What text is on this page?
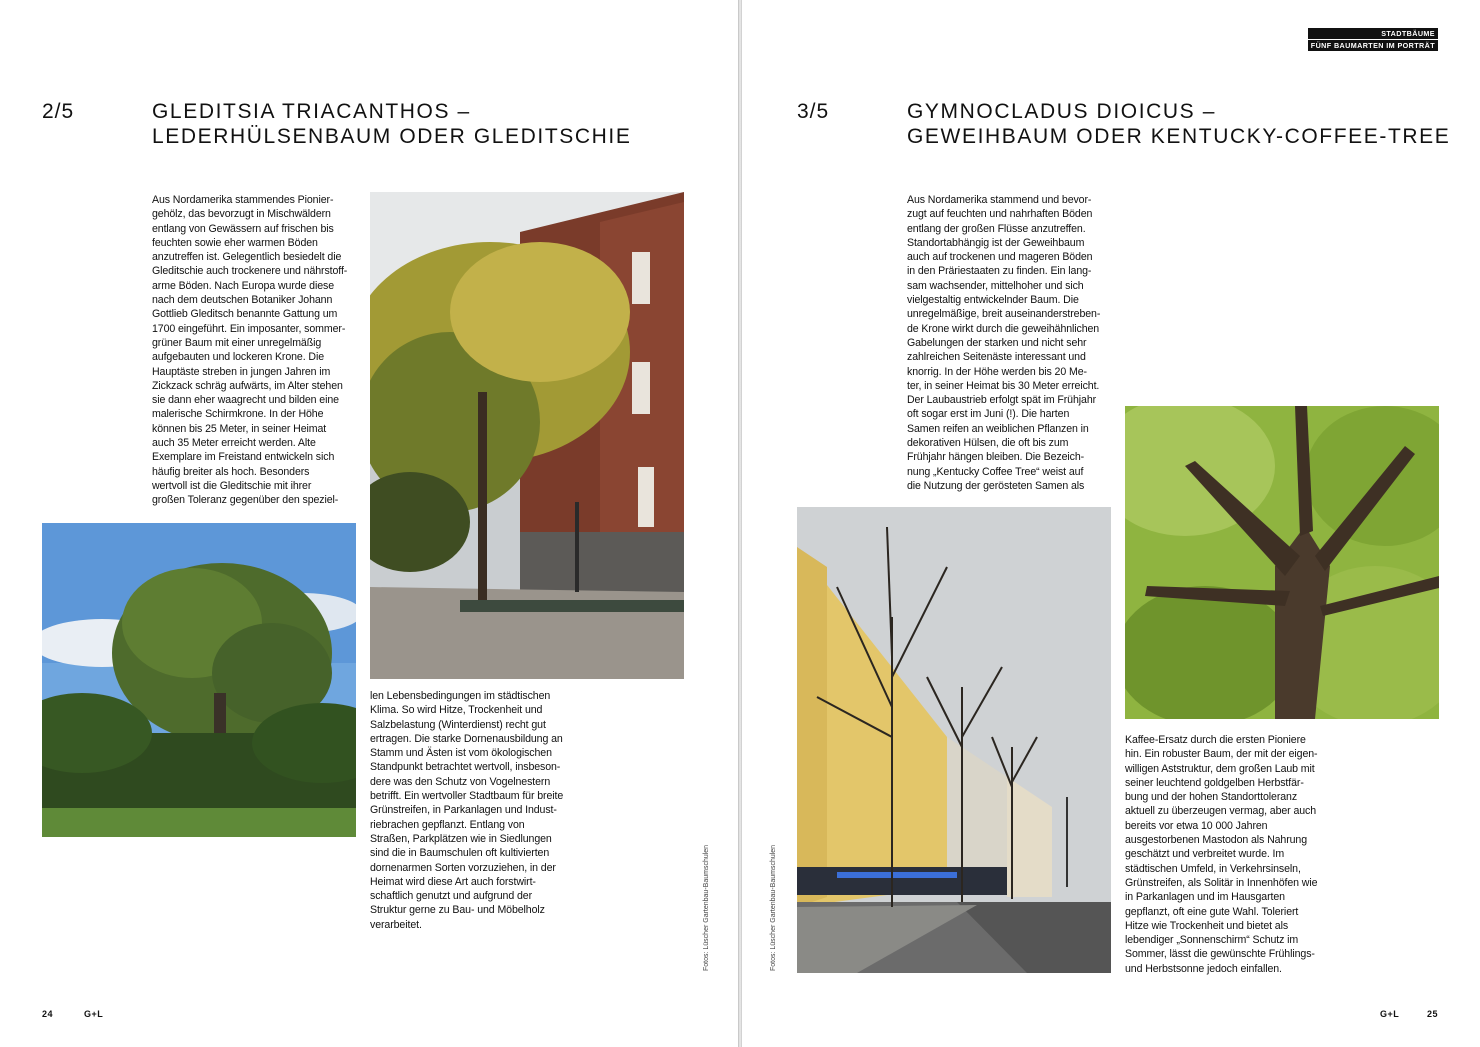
2/5	GLEDITSIA TRIACANTHOS –
LEDERHÜLSENBAUM ODER GLEDITSCHIE
Aus Nordamerika stammendes Pionier-
gehölz, das bevorzugt in Mischwäldern
entlang von Gewässern auf frischen bis
feuchten sowie eher warmen Böden
anzutreffen ist. Gelegentlich besiedelt die
Gleditschie auch trockenere und nährstoff-
arme Böden. Nach Europa wurde diese
nach dem deutschen Botaniker Johann
Gottlieb Gleditsch benannte Gattung um
1700 eingeführt. Ein imposanter, sommer-
grüner Baum mit einer unregelmäßig
aufgebauten und lockeren Krone. Die
Hauptäste streben in jungen Jahren im
Zickzack schräg aufwärts, im Alter stehen
sie dann eher waagrecht und bilden eine
malerische Schirmkrone. In der Höhe
können bis 25 Meter, in seiner Heimat
auch 35 Meter erreicht werden. Alte
Exemplare im Freistand entwickeln sich
häufig breiter als hoch. Besonders
wertvoll ist die Gleditschie mit ihrer
großen Toleranz gegenüber den speziel-
len Lebensbedingungen im städtischen
Klima. So wird Hitze, Trockenheit und
Salzbelastung (Winterdienst) recht gut
ertragen. Die starke Dornenausbildung an
Stamm und Ästen ist vom ökologischen
Standpunkt betrachtet wertvoll, insbeson-
dere was den Schutz von Vogelnestern
betrifft. Ein wertvoller Stadtbaum für breite
Grünstreifen, in Parkanlagen und Indust-
riebrachen gepflanzt. Entlang von
Straßen, Parkplätzen wie in Siedlungen
sind die in Baumschulen oft kultivierten
dornenarmen Sorten vorzuziehen, in der
Heimat wird diese Art auch forstwirt-
schaftlich genutzt und aufgrund der
Struktur gerne zu Bau- und Möbelholz
verarbeitet.	Fotos: Lüscher Gartenbau-Baumschulen
24	G+L
STADTBÄUME
FÜNF BAUMARTEN IM PORTRÄT
3/5	GYMNOCLADUS DIOICUS –
GEWEIHBAUM ODER KENTUCKY-COFFEE-TREE
Aus Nordamerika stammend und bevor-
zugt auf feuchten und nahrhaften Böden
entlang der großen Flüsse anzutreffen.
Standortabhängig ist der Geweihbaum
auch auf trockenen und mageren Böden
in den Präriestaaten zu finden. Ein lang-
sam wachsender, mittelhoher und sich
vielgestaltig entwickelnder Baum. Die
unregelmäßige, breit auseinanderstreben-
de Krone wirkt durch die geweihähnlichen
Gabelungen der starken und nicht sehr
zahlreichen Seitenäste interessant und
knorrig. In der Höhe werden bis 20 Me-
ter, in seiner Heimat bis 30 Meter erreicht.
Der Laubaustrieb erfolgt spät im Frühjahr
oft sogar erst im Juni (!). Die harten
Samen reifen an weiblichen Pflanzen in
dekorativen Hülsen, die oft bis zum
Frühjahr hängen bleiben. Die Bezeich-
nung „Kentucky Coffee Tree“ weist auf
die Nutzung der gerösteten Samen als
Fotos: Lüscher Gartenbau-Baumschulen
Kaffee-Ersatz durch die ersten Pioniere
hin. Ein robuster Baum, der mit der eigen-
willigen Aststruktur, dem großen Laub mit
seiner leuchtend goldgelben Herbstfär-
bung und der hohen Standorttoleranz
aktuell zu überzeugen vermag, aber auch
bereits vor etwa 10 000 Jahren
ausgestorbenen Mastodon als Nahrung
geschätzt und verbreitet wurde. Im
städtischen Umfeld, in Verkehrsinseln,
Grünstreifen, als Solitär in Innenhöfen wie
in Parkanlagen und im Hausgarten
gepflanzt, oft eine gute Wahl. Toleriert
Hitze wie Trockenheit und bietet als
lebendiger „Sonnenschirm“ Schutz im
Sommer, lässt die gewünschte Frühlings-
und Herbstsonne jedoch einfallen.
G+L	25
